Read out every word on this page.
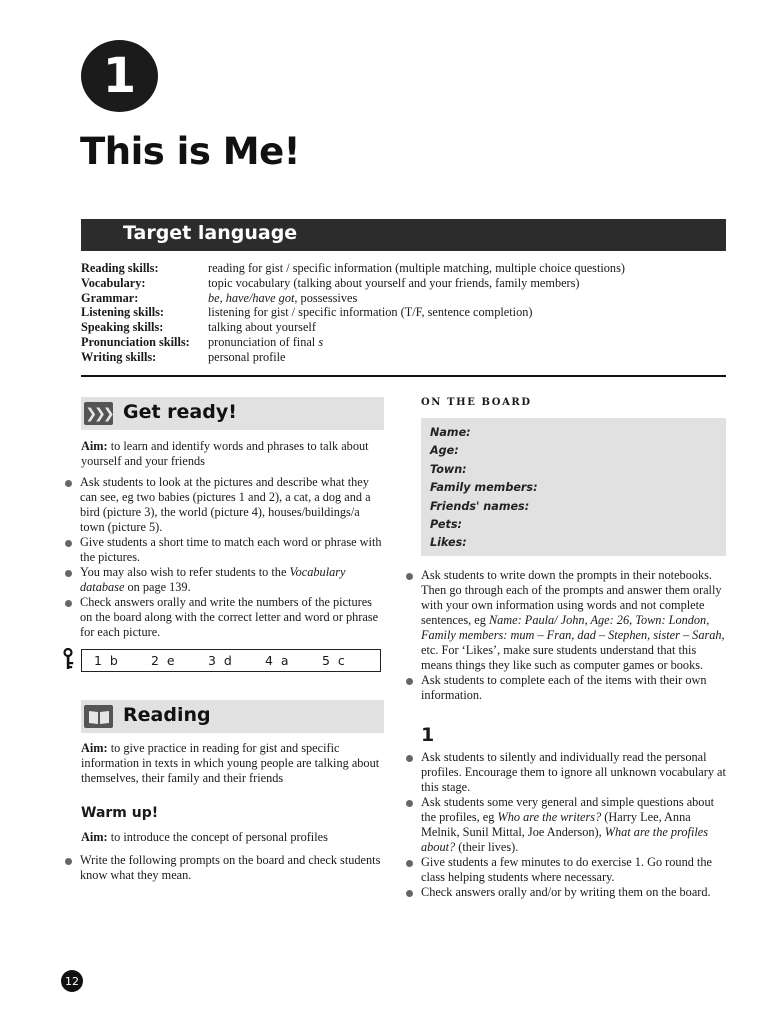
1
This is Me!
Target language
Reading skills:	reading for gist / specific information (multiple matching, multiple choice questions)
Vocabulary:	topic vocabulary (talking about yourself and your friends, family members)
Grammar:	be, have/have got, possessives
Listening skills:	listening for gist / specific information (T/F, sentence completion)
Speaking skills:	talking about yourself
Pronunciation skills:	pronunciation of final s
Writing skills:	personal profile
❯❯❯ Get ready!
Aim: to learn and identify words and phrases to talk about yourself and your friends
Ask students to look at the pictures and describe what they can see, eg two babies (pictures 1 and 2), a cat, a dog and a bird (picture 3), the world (picture 4), houses/buildings/a town (picture 5).
Give students a short time to match each word or phrase with the pictures.
You may also wish to refer students to the Vocabulary database on page 139.
Check answers orally and write the numbers of the pictures on the board along with the correct letter and word or phrase for each picture.
1 b	2 e	3 d	4 a	5 c
Reading
Aim: to give practice in reading for gist and specific information in texts in which young people are talking about themselves, their family and their friends
Warm up!
Aim: to introduce the concept of personal profiles
Write the following prompts on the board and check students know what they mean.
ON THE BOARD
Name:
Age:
Town:
Family members:
Friends' names:
Pets:
Likes:
Ask students to write down the prompts in their notebooks. Then go through each of the prompts and answer them orally with your own information using words and not complete sentences, eg Name: Paula/ John, Age: 26, Town: London, Family members: mum – Fran, dad – Stephen, sister – Sarah, etc. For ‘Likes’, make sure students understand that this means things they like such as computer games or books.
Ask students to complete each of the items with their own information.
1
Ask students to silently and individually read the personal profiles. Encourage them to ignore all unknown vocabulary at this stage.
Ask students some very general and simple questions about the profiles, eg Who are the writers? (Harry Lee, Anna Melnik, Sunil Mittal, Joe Anderson), What are the profiles about? (their lives).
Give students a few minutes to do exercise 1. Go round the class helping students where necessary.
Check answers orally and/or by writing them on the board.
12
